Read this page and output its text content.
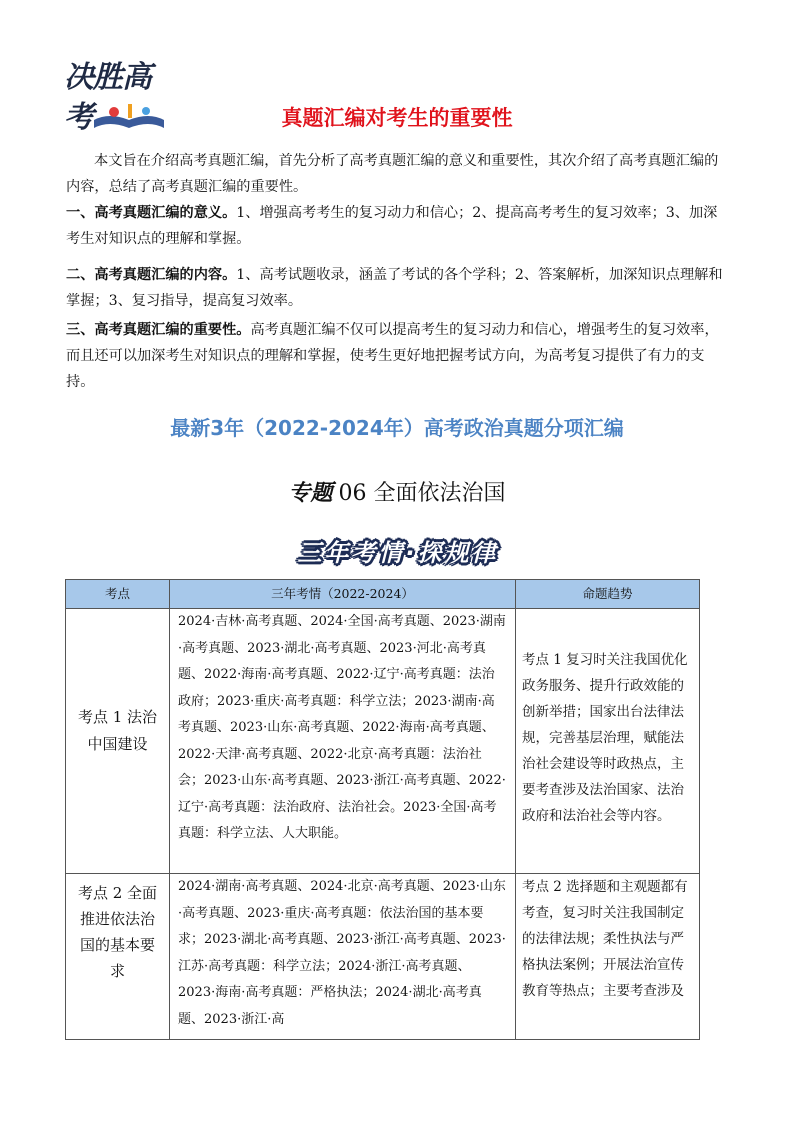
决胜高考	真题汇编对考生的重要性

本文旨在介绍高考真题汇编，首先分析了高考真题汇编的意义和重要性，其次介绍了高考真题汇编的内容，总结了高考真题汇编的重要性。

一、高考真题汇编的意义。1、增强高考考生的复习动力和信心；2、提高高考考生的复习效率；3、加深考生对知识点的理解和掌握。

二、高考真题汇编的内容。1、高考试题收录，涵盖了考试的各个学科；2、答案解析，加深知识点理解和掌握；3、复习指导，提高复习效率。

三、高考真题汇编的重要性。高考真题汇编不仅可以提高考生的复习动力和信心，增强考生的复习效率，而且还可以加深考生对知识点的理解和掌握，使考生更好地把握考试方向，为高考复习提供了有力的支持。

最新3年（2022-2024年）高考政治真题分项汇编
专题 06 全面依法治国
三年考情·探规律
考点	三年考情（2022-2024）	命题趋势
考点 1 法治中国建设	2024·吉林·高考真题、2024·全国·高考真题、2023·湖南·高考真题、2023·湖北·高考真题、2023·河北·高考真题、2022·海南·高考真题、2022·辽宁·高考真题：法治政府；2023·重庆·高考真题：科学立法；2023·湖南·高考真题、2023·山东·高考真题、2022·海南·高考真题、2022·天津·高考真题、2022·北京·高考真题：法治社会；2023·山东·高考真题、2023·浙江·高考真题、2022·辽宁·高考真题：法治政府、法治社会。2023·全国·高考真题：科学立法、人大职能。	考点 1 复习时关注我国优化政务服务、提升行政效能的创新举措；国家出台法律法规，完善基层治理，赋能法治社会建设等时政热点，主要考查涉及法治国家、法治政府和法治社会等内容。
考点 2 全面推进依法治国的基本要求	2024·湖南·高考真题、2024·北京·高考真题、2023·山东·高考真题、2023·重庆·高考真题：依法治国的基本要求；2023·湖北·高考真题、2023·浙江·高考真题、2023·江苏·高考真题：科学立法；2024·浙江·高考真题、2023·海南·高考真题：严格执法；2024·湖北·高考真题、2023·浙江·高	考点 2 选择题和主观题都有考查，复习时关注我国制定的法律法规；柔性执法与严格执法案例；开展法治宣传教育等热点；主要考查涉及
